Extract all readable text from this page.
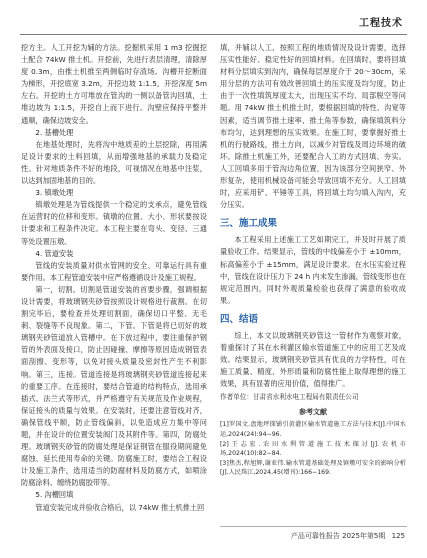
工程技术

挖方主。人工开挖为辅的方法。挖掘机采用 1 m3 挖掘挖土配合 74kW 推土机。开挖前，先进行表层清理，清除厚度 0.3m，由推土机推至两侧临时存渣场。沟槽开挖断面为梯形，开挖底宽 3.2m，开挖边坡 1:1.5，开挖深度 5m 左右。开挖的土方可堆放在管沟的一侧以备管沟回填，土堆边坡为 1:1.5，开挖自上而下进行。沟壁应保持平整并通顺，确保边坡安全。

2. 基槽处理

在地基处理时，先将沟中地质差的土层挖除，再用满足设计要求的土料回填，从而增强地基的承载力及稳定性。针对地质条件不好的地段，可视情况在地基中注浆，以达到加固地基的目的。

3. 镇墩处理

镇墩处理是为管线提供一个稳定的支承点，避免管线在运营时的位移和变形。镇墩的位置、大小、形状要按设计要求和工程条件决定。本工程主要在弯头、变径、三通等处设置压墩。

4. 管道安装

管线的安装质量对供水管网的安全、可靠运行具有重要作用。本工程管道安装中应严格遵循设计及施工规程。

第一，切割。切割是管道安装的首要步骤，强调根据设计需要，将玻璃钢夹砂管按照设计规格进行裁割。在切割完毕后，要检查并处理切割面，确保切口平整、无毛刺、裂缝等不良现象。第二，下管。下管是将已切好的玻璃钢夹砂管道放入管槽中。在下放过程中，要注重保护钢管的外表面及接口，防止因碰撞、摩擦等原因造成钢管表面刮擦、变形等，以免对接头质量及密封性产生不利影响。第三，连接。管道连接是将玻璃钢夹砂管道连接起来的重要工序。在连接时，要结合管道的结构特点，选用承插式、法兰式等形式，并严格遵守有关规范及作业规程，保证接头的质量与效果。在安装时，还要注意管线对齐，确保管线平顺，防止管线偏斜，以免造成应力集中等问题，并在设计的位置安装阀门及其附件等。第四，防腐处理。玻璃钢夹砂管的防腐处理是保证钢管在服役期间避免腐蚀、延长使用寿命的关键。防腐施工时，要结合工程设计及施工条件，选用适当的防腐材料及防腐方式，如喷涂防腐涂料、缠绕防腐胶带等。

5. 沟槽回填

管道安装完成并验收合格后，以 74kW 推土机推土回

填，并辅以人工，按照工程的地质情况及设计需要，选择压实性能好、稳定性好的回填材料。在回填时，要将回填材料分层填实到沟内，确保每层厚度介于 20～30cm，采用分层的方法可有效改善回填土的压实度及均匀度，防止由于一次性填筑厚度太大，出现压实不均、局部脱空等问题。用 74kW 推土机推土时，要根据回填的特性、沟宽等因素，适当调节推土速率、推土角等参数，确保填筑料分布均匀，达到理想的压实效果。在施工时，要掌握好推土机的行驶路线，推土方向，以减少对管线及周边环境的破坏。除推土机施工外，还要配合人工的方式回填、夯实。人工回填多用于管沟边角位置，因为该部分空间狭窄、外形复杂，使用机械设备可能会导致回填不充分。人工回填时，应采用铲、平锤等工具，将回填土均匀填入沟内，充分压实。

三、施工成果

本工程采用上述施工工艺如期完工，并及时开展了质量验收工作。结果显示，管线的中线偏差小于 ±10mm，标高偏差小于 ±15mm，满足设计要求。在水压实验过程中，管线在设计压力下 24 h 内未发生渗漏，管线变形也在规定范围内，同时外观质量检验也获得了满意的验收成果。

四、结语

综上，本文以玻璃钢夹砂管这一管材作为观察对象，着重探讨了其在水利灌区输水管道施工中的应用工艺及成效。结果显示，玻璃钢夹砂管具有优良的力学特性，可在施工质量、精度、外形质量和防腐性能上取得理想的施工效果，具有显著的应用价值，值得推广。

作者单位：甘肃省水利水电工程局有限责任公司

参考文献

[1]罗国文.盘地坪探铺引黄灌区输水管道施工方法与技术[J].中国水运,2024(24):94−96.

[2]王志宏.农田水利管道施工技术探讨[J].农机市场,2024(10):82−84.

[3]焦杰,程旭辉,谢亚伟.输水管道基础处理及镇墩可安全的影响分析[J].人民珠江,2024,45(增刊):166−169.

产品可靠性报告 2025年第5期 125
